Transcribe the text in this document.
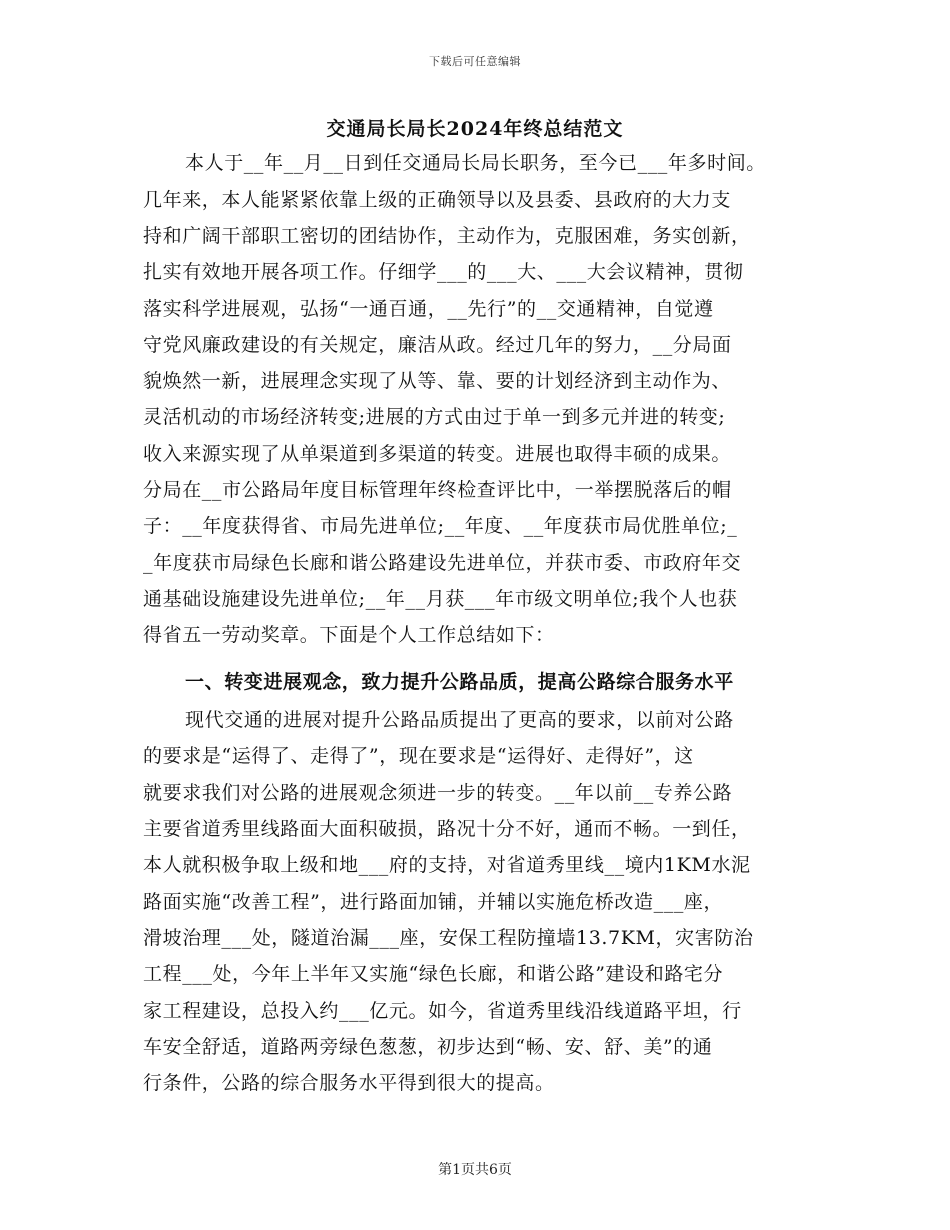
下载后可任意编辑
交通局长局长2024年终总结范文
本人于__年__月__日到任交通局长局长职务，至今已___年多时间。
几年来，本人能紧紧依靠上级的正确领导以及县委、县政府的大力支
持和广阔干部职工密切的团结协作，主动作为，克服困难，务实创新，
扎实有效地开展各项工作。仔细学___的___大、___大会议精神，贯彻
落实科学进展观，弘扬“一通百通，__先行”的__交通精神，自觉遵
守党风廉政建设的有关规定，廉洁从政。经过几年的努力，__分局面
貌焕然一新，进展理念实现了从等、靠、要的计划经济到主动作为、
灵活机动的市场经济转变;进展的方式由过于单一到多元并进的转变;
收入来源实现了从单渠道到多渠道的转变。进展也取得丰硕的成果。
分局在__市公路局年度目标管理年终检查评比中，一举摆脱落后的帽
子：__年度获得省、市局先进单位;__年度、__年度获市局优胜单位;_
_年度获市局绿色长廊和谐公路建设先进单位，并获市委、市政府年交
通基础设施建设先进单位;__年__月获___年市级文明单位;我个人也获
得省五一劳动奖章。下面是个人工作总结如下：
一、转变进展观念，致力提升公路品质，提高公路综合服务水平
现代交通的进展对提升公路品质提出了更高的要求，以前对公路
的要求是“运得了、走得了”，现在要求是“运得好、走得好”，这
就要求我们对公路的进展观念须进一步的转变。__年以前__专养公路
主要省道秀里线路面大面积破损，路况十分不好，通而不畅。一到任，
本人就积极争取上级和地___府的支持，对省道秀里线__境内1KM水泥
路面实施“改善工程”，进行路面加铺，并辅以实施危桥改造___座，
滑坡治理___处，隧道治漏___座，安保工程防撞墙13.7KM，灾害防治
工程___处，今年上半年又实施“绿色长廊，和谐公路”建设和路宅分
家工程建设，总投入约___亿元。如今，省道秀里线沿线道路平坦，行
车安全舒适，道路两旁绿色葱葱，初步达到“畅、安、舒、美”的通
行条件，公路的综合服务水平得到很大的提高。
第1页共6页
